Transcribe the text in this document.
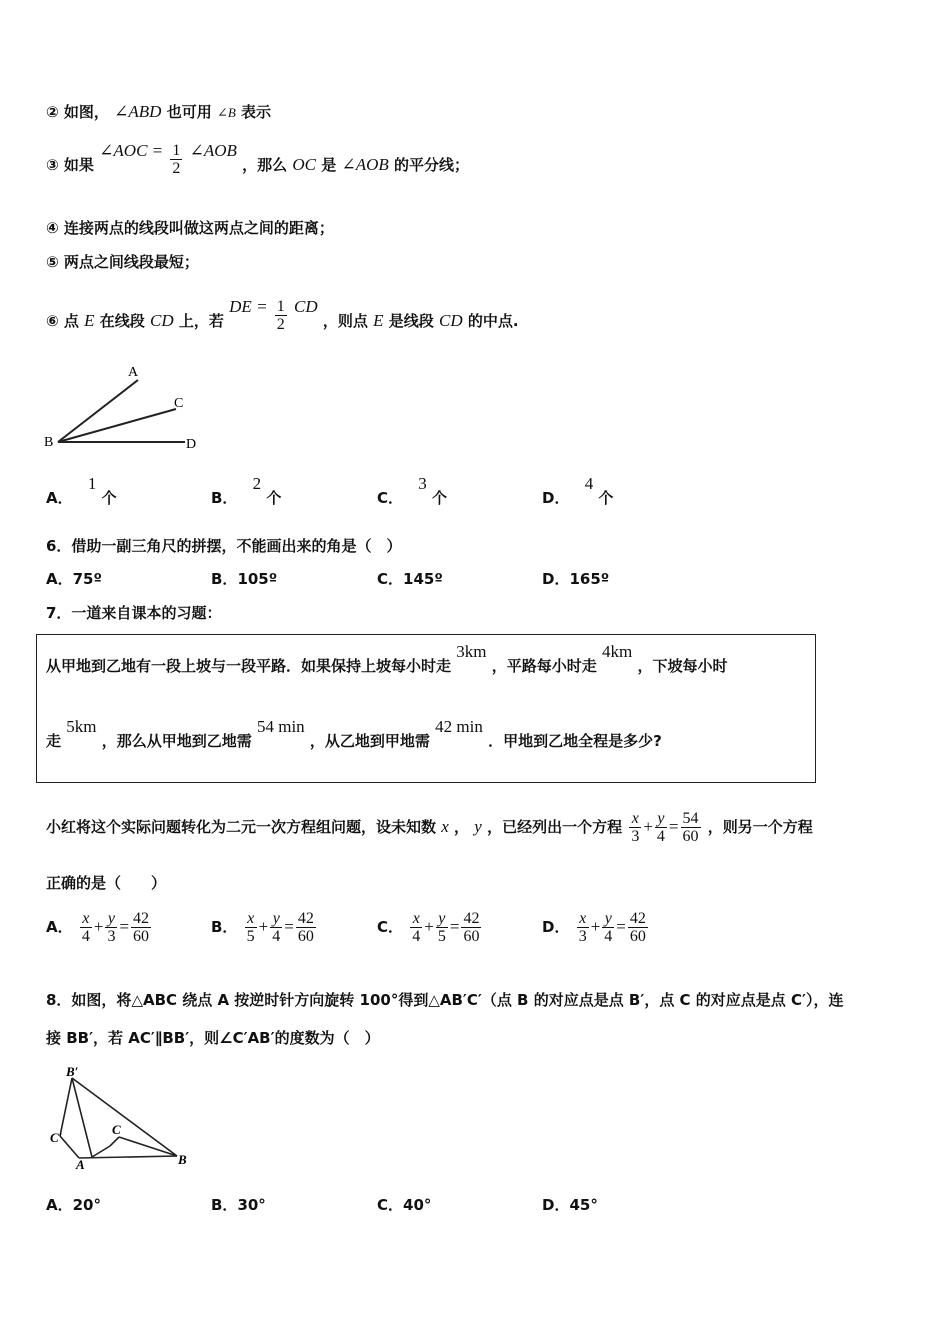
② 如图， ∠ABD 也可用 ∠B 表示
③ 如果 ∠AOC = $\frac{1}{2}$ ∠AOB ，那么 OC 是 ∠AOB 的平分线；
④ 连接两点的线段叫做这两点之间的距离；
⑤ 两点之间线段最短；
⑥ 点 E 在线段 CD 上，若 DE = $\frac{1}{2}$ CD ，则点 E 是线段 CD 的中点.
A
C
B	D
A． 1 个	B． 2 个	C． 3 个	D． 4 个
6．借助一副三角尺的拼摆，不能画出来的角是（　）
A．75º	B．105º	C．145º	D．165º
7．一道来自课本的习题：
从甲地到乙地有一段上坡与一段平路．如果保持上坡每小时走 3km ，平路每小时走 4km ，下坡每小时
走 5km ，那么从甲地到乙地需 54 min ，从乙地到甲地需 42 min ．甲地到乙地全程是多少?
小红将这个实际问题转化为二元一次方程组问题，设未知数 x ， y ，已经列出一个方程 $\frac{x}{3} + \frac{y}{4} = \frac{54}{60}$ ，则另一个方程
正确的是（　　）
A． $\frac{x}{4} + \frac{y}{3} = \frac{42}{60}$	B． $\frac{x}{5} + \frac{y}{4} = \frac{42}{60}$	C． $\frac{x}{4} + \frac{y}{5} = \frac{42}{60}$	D． $\frac{x}{3} + \frac{y}{4} = \frac{42}{60}$
8．如图，将△ABC 绕点 A 按逆时针方向旋转 100°得到△AB′C′（点 B 的对应点是点 B′，点 C 的对应点是点 C′），连
接 BB′，若 AC′∥BB′，则∠C′AB′的度数为（　）
B′
C′
C
A	B
A．20°	B．30°	C．40°	D．45°
